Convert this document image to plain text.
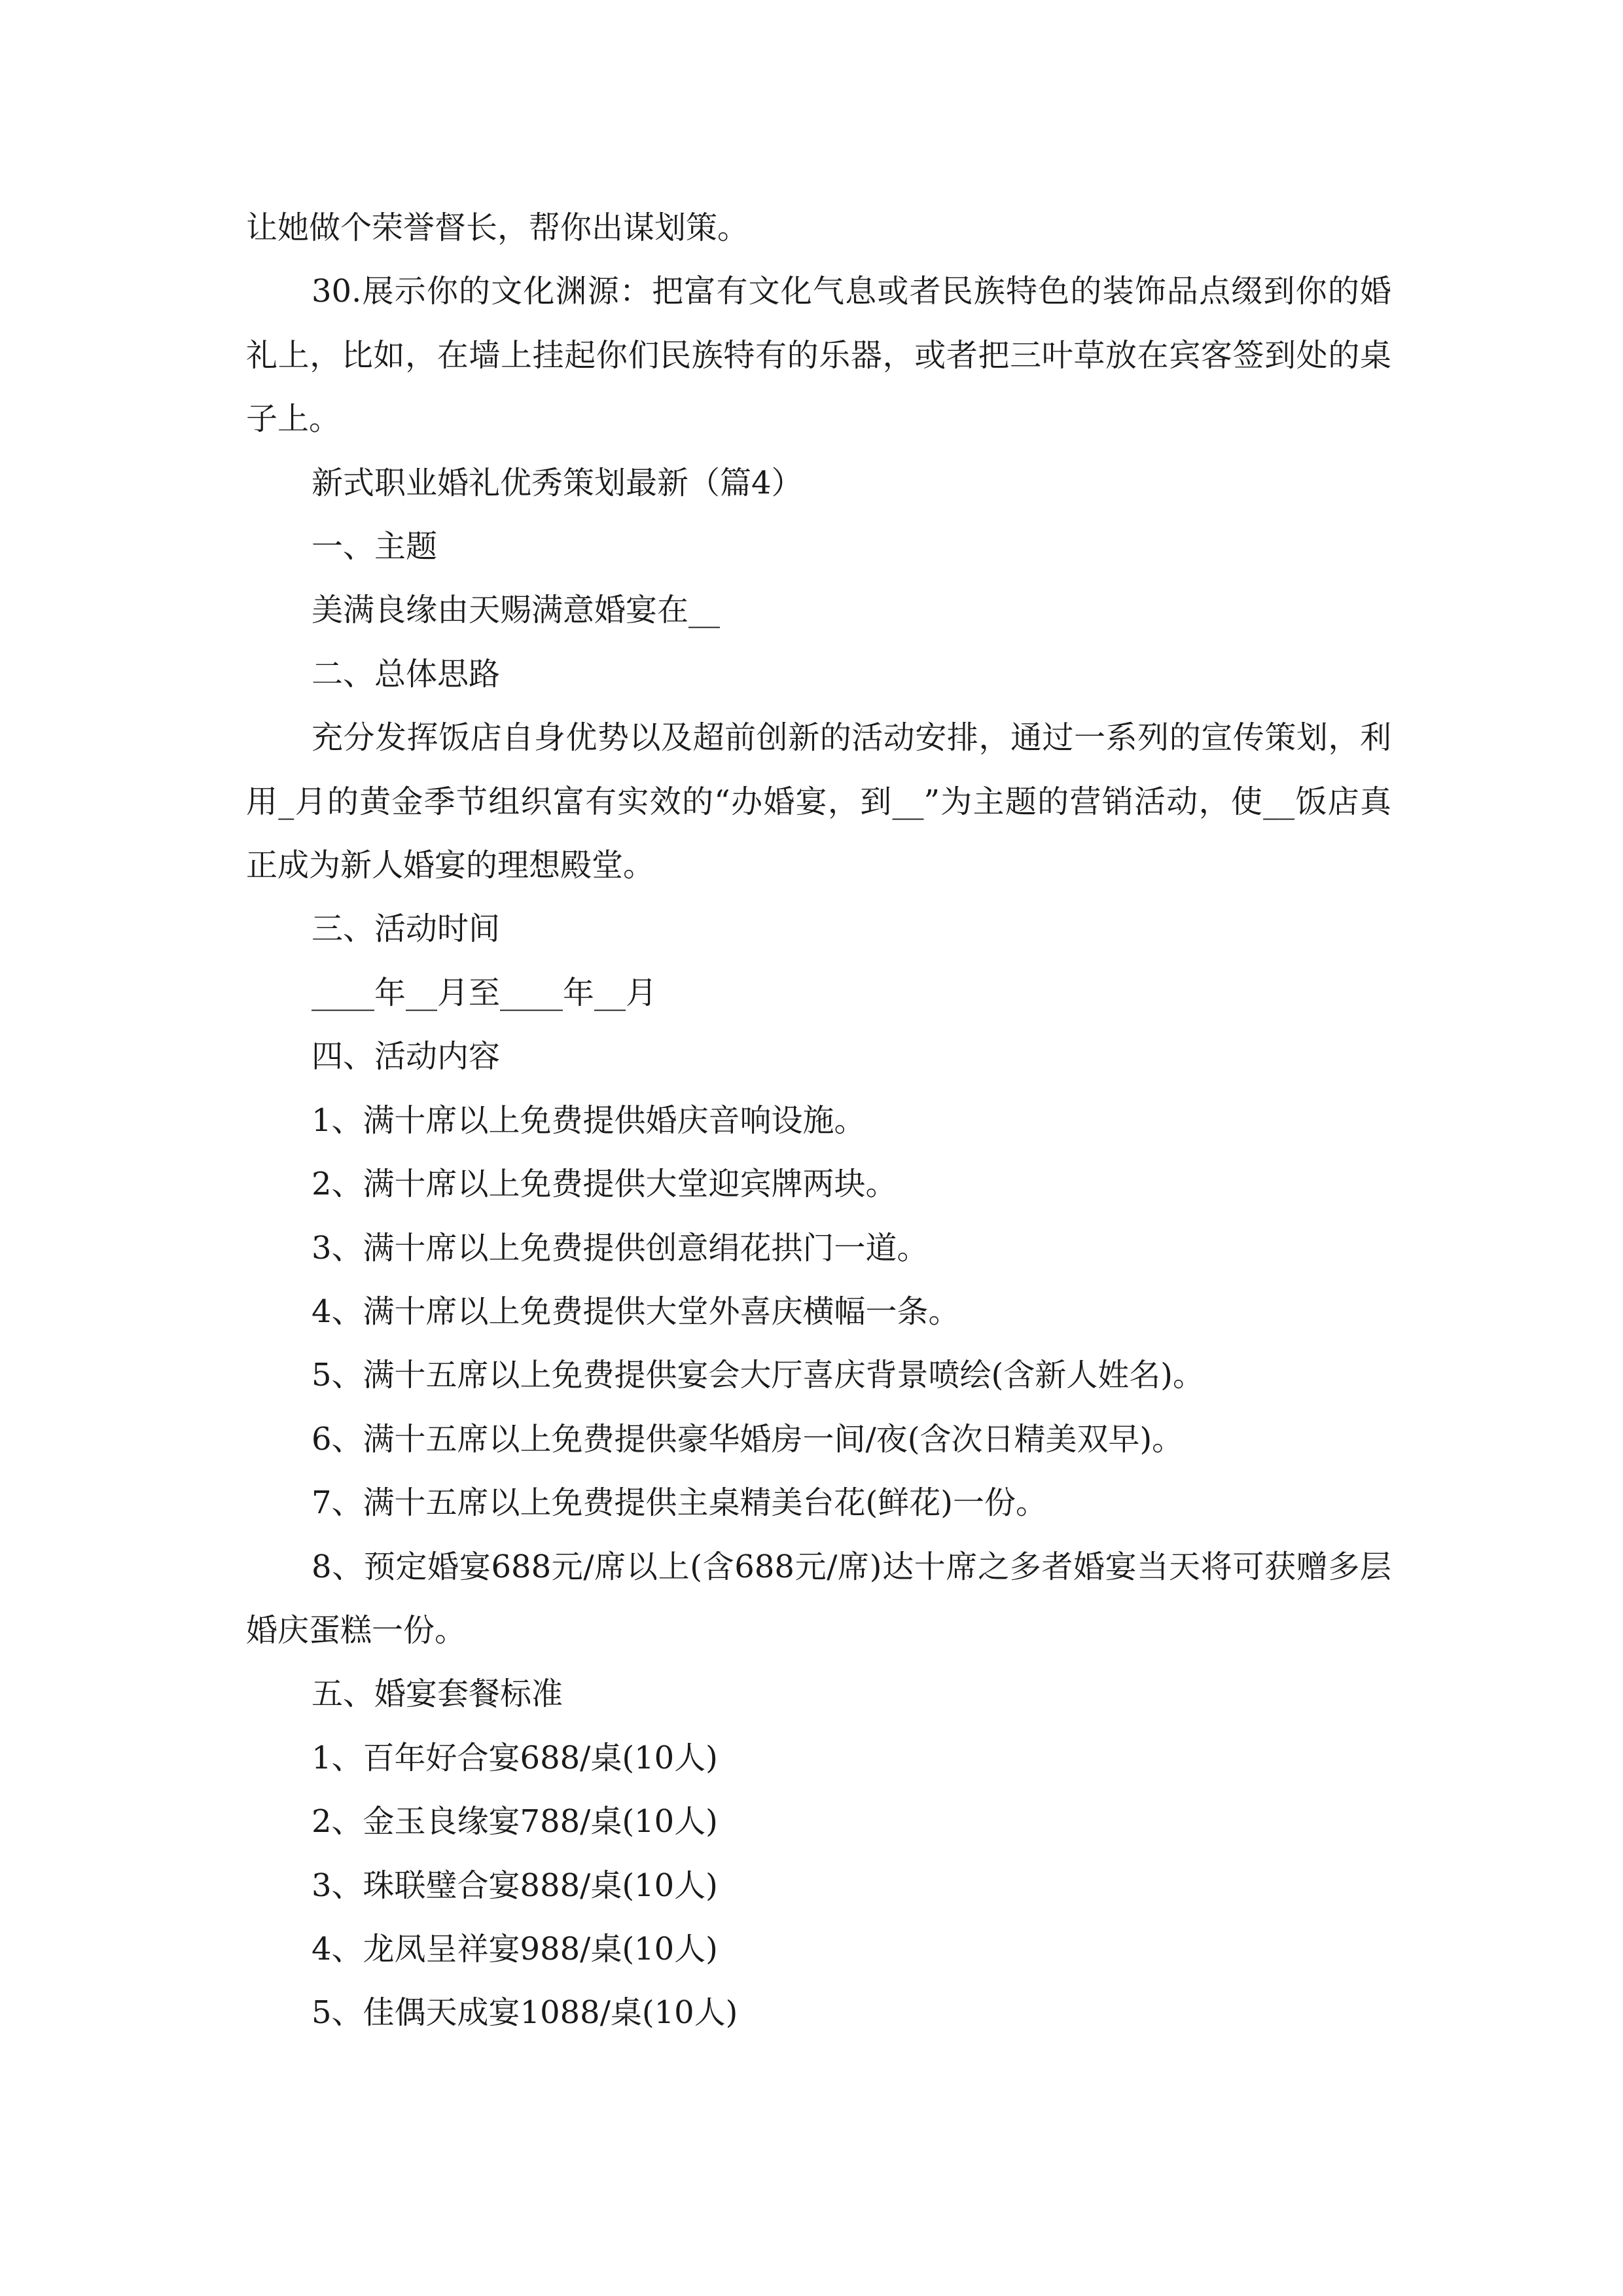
让她做个荣誉督长，帮你出谋划策。

30.展示你的文化渊源：把富有文化气息或者民族特色的装饰品点缀到你的婚礼上，比如，在墙上挂起你们民族特有的乐器，或者把三叶草放在宾客签到处的桌子上。

新式职业婚礼优秀策划最新（篇4）

一、主题

美满良缘由天赐满意婚宴在__

二、总体思路

充分发挥饭店自身优势以及超前创新的活动安排，通过一系列的宣传策划，利用_月的黄金季节组织富有实效的“办婚宴，到__”为主题的营销活动，使__饭店真正成为新人婚宴的理想殿堂。

三、活动时间

____年__月至____年__月

四、活动内容

1、满十席以上免费提供婚庆音响设施。

2、满十席以上免费提供大堂迎宾牌两块。

3、满十席以上免费提供创意绢花拱门一道。

4、满十席以上免费提供大堂外喜庆横幅一条。

5、满十五席以上免费提供宴会大厅喜庆背景喷绘(含新人姓名)。

6、满十五席以上免费提供豪华婚房一间/夜(含次日精美双早)。

7、满十五席以上免费提供主桌精美台花(鲜花)一份。

8、预定婚宴688元/席以上(含688元/席)达十席之多者婚宴当天将可获赠多层婚庆蛋糕一份。

五、婚宴套餐标准

1、百年好合宴688/桌(10人)

2、金玉良缘宴788/桌(10人)

3、珠联璧合宴888/桌(10人)

4、龙凤呈祥宴988/桌(10人)

5、佳偶天成宴1088/桌(10人)
